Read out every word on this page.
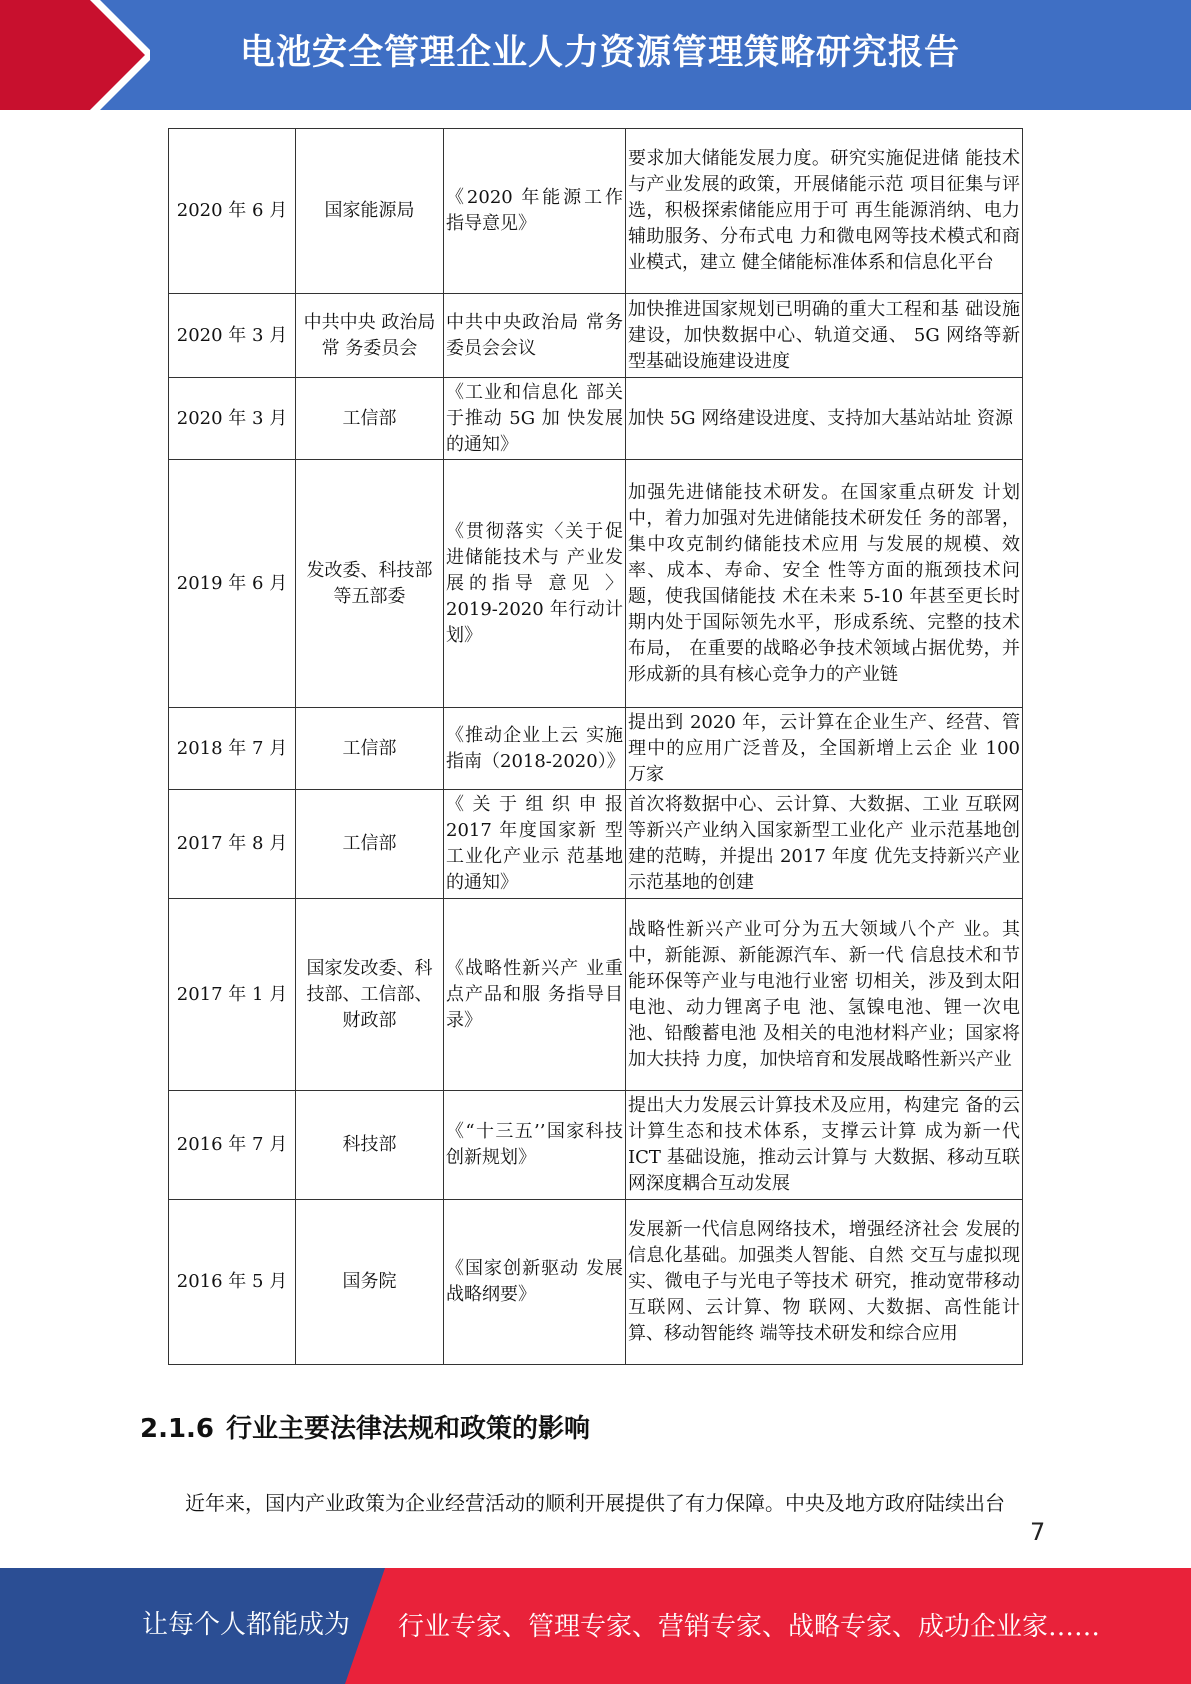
电池安全管理企业人力资源管理策略研究报告
2020 年 6 月	国家能源局	《2020 年能源工作指导意见》	要求加大储能发展力度。研究实施促进储 能技术与产业发展的政策，开展储能示范 项目征集与评选，积极探索储能应用于可 再生能源消纳、电力辅助服务、分布式电 力和微电网等技术模式和商业模式，建立 健全储能标准体系和信息化平台
2020 年 3 月	中共中央 政治局常 务委员会	中共中央政治局 常务委员会会议	加快推进国家规划已明确的重大工程和基 础设施建设，加快数据中心、轨道交通、 5G 网络等新型基础设施建设进度
2020 年 3 月	工信部	《工业和信息化 部关于推动 5G 加 快发展的通知》	加快 5G 网络建设进度、支持加大基站站址 资源
2019 年 6 月	发改委、科技部等五部委	《贯彻落实〈关于促进储能技术与 产业发展的指导 意见 〉2019-2020 年行动计划》	加强先进储能技术研发。在国家重点研发 计划中，着力加强对先进储能技术研发任 务的部署，集中攻克制约储能技术应用 与发展的规模、效率、成本、寿命、安全 性等方面的瓶颈技术问题，使我国储能技 术在未来 5-10 年甚至更长时期内处于国际领先水平，形成系统、完整的技术布局， 在重要的战略必争技术领域占据优势，并 形成新的具有核心竞争力的产业链
2018 年 7 月	工信部	《推动企业上云 实施指南（2018-2020）》	提出到 2020 年，云计算在企业生产、经营、管理中的应用广泛普及，全国新增上云企 业 100 万家
2017 年 8 月	工信部	《关于组织申报 2017 年度国家新 型工业化产业示 范基地的通知》	首次将数据中心、云计算、大数据、工业 互联网等新兴产业纳入国家新型工业化产 业示范基地创建的范畴，并提出 2017 年度 优先支持新兴产业示范基地的创建
2017 年 1 月	国家发改委、科技部、工信部、财政部	《战略性新兴产 业重点产品和服 务指导目录》	战略性新兴产业可分为五大领域八个产 业。其中，新能源、新能源汽车、新一代 信息技术和节能环保等产业与电池行业密 切相关，涉及到太阳电池、动力锂离子电 池、氢镍电池、锂一次电池、铅酸蓄电池 及相关的电池材料产业；国家将加大扶持 力度，加快培育和发展战略性新兴产业
2016 年 7 月	科技部	《“十三五’’国家科技创新规划》	提出大力发展云计算技术及应用，构建完 备的云计算生态和技术体系，支撑云计算 成为新一代 ICT 基础设施，推动云计算与 大数据、移动互联网深度耦合互动发展
2016 年 5 月	国务院	《国家创新驱动 发展战略纲要》	发展新一代信息网络技术，增强经济社会 发展的信息化基础。加强类人智能、自然 交互与虚拟现实、微电子与光电子等技术 研究，推动宽带移动互联网、云计算、物 联网、大数据、高性能计算、移动智能终 端等技术研发和综合应用
2.1.6 行业主要法律法规和政策的影响
近年来，国内产业政策为企业经营活动的顺利开展提供了有力保障。中央及地方政府陆续出台
7
让每个人都能成为 行业专家、管理专家、营销专家、战略专家、成功企业家……
